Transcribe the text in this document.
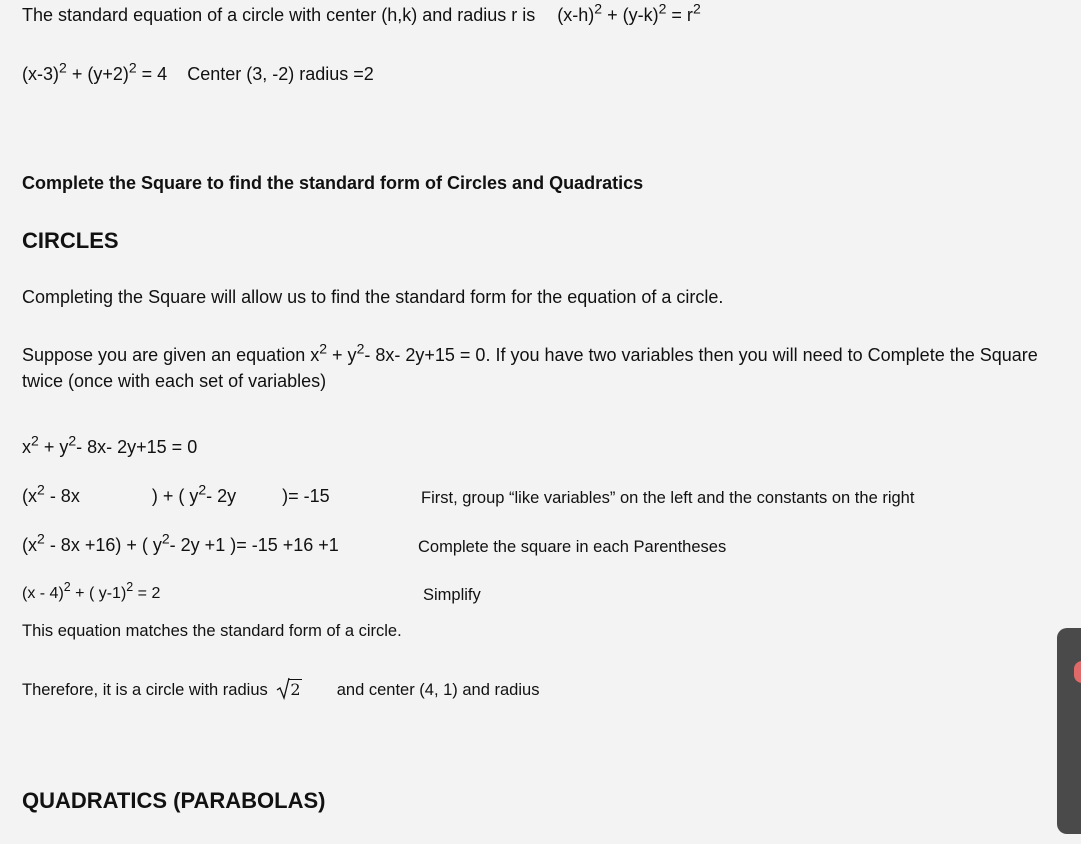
The standard equation of a circle with center (h,k) and radius r is $(x-h)^2 + (y-k)^2 = r^2$
$(x-3)^2 + (y+2)^2 = 4$ Center (3, -2) radius =2
Complete the Square to find the standard form of Circles and Quadratics
CIRCLES
Completing the Square will allow us to find the standard form for the equation of a circle.
Suppose you are given an equation $x^2 + y^2-$ 8x- 2y+15 = 0. If you have two variables then you will need to Complete the Square
twice (once with each set of variables)
$x^2 + y^2-$ 8x- 2y+15 = 0
($x^2 - 8x$	) + ( $y^2-$ 2y	)= -15	First, group “like variables” on the left and the constants on the right
$(x^2 - 8x +16)$ + ( $y^2-$ 2y +1 )= -15 +16 +1	Complete the square in each Parentheses
(x - 4)$^2$ + ( y-1)$^2$ = 2	Simplify
This equation matches the standard form of a circle.
Therefore, it is a circle with radius 2 and center (4, 1) and radius
QUADRATICS (PARABOLAS)
